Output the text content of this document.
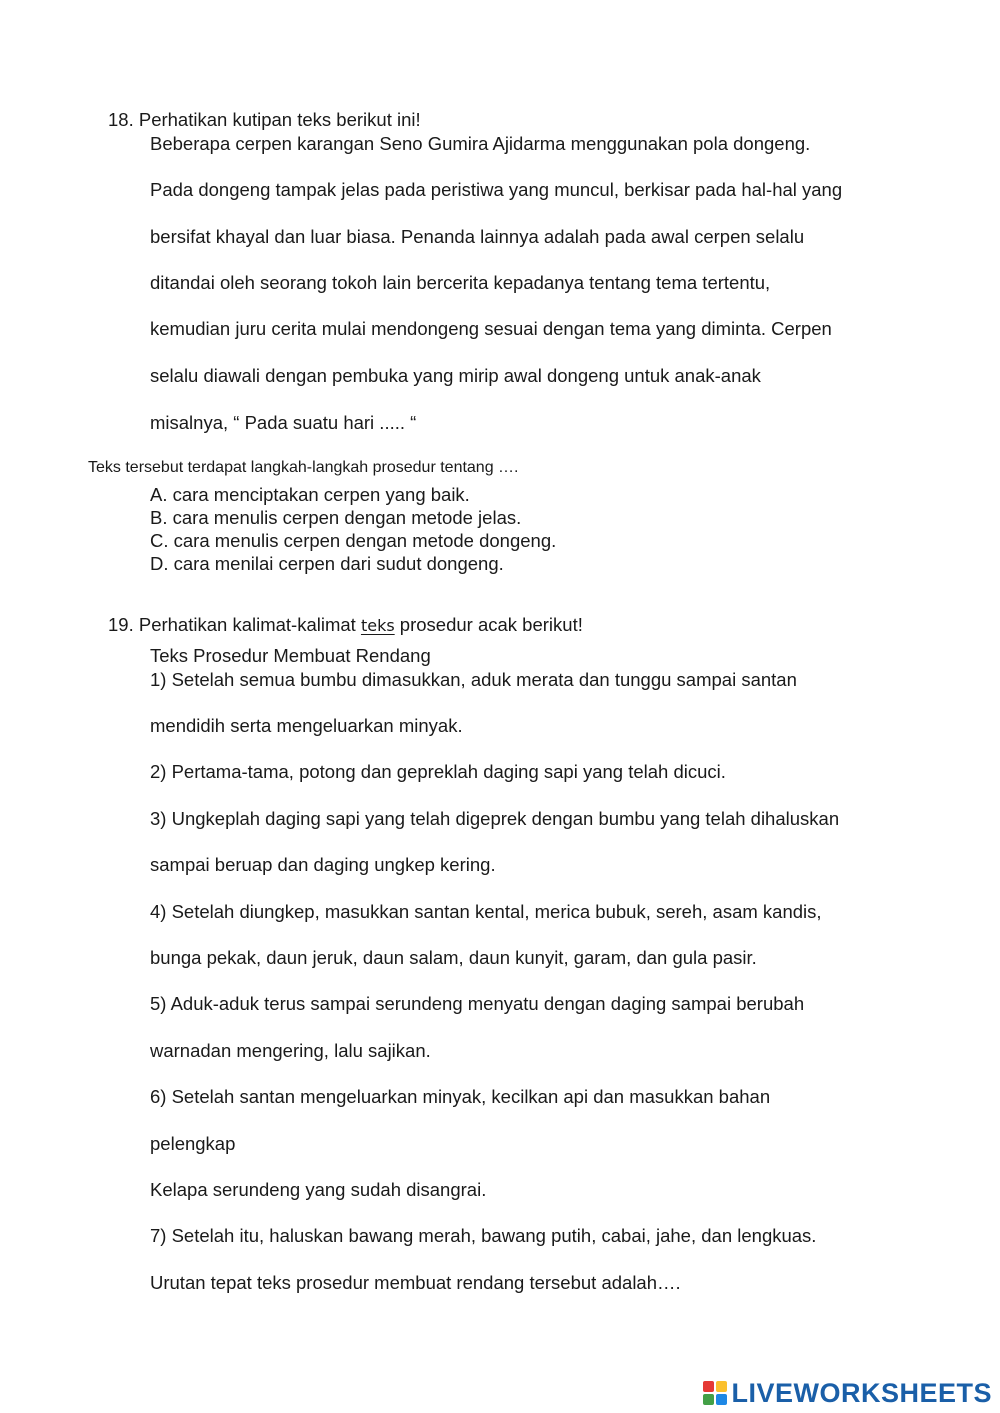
18. Perhatikan kutipan teks berikut ini!
Beberapa cerpen karangan Seno Gumira Ajidarma menggunakan pola dongeng.
Pada dongeng tampak jelas pada peristiwa yang muncul, berkisar pada hal-hal yang
bersifat khayal dan luar biasa. Penanda lainnya adalah pada awal cerpen selalu
ditandai oleh seorang tokoh lain bercerita kepadanya tentang tema tertentu,
kemudian juru cerita mulai mendongeng sesuai dengan tema yang diminta. Cerpen
selalu diawali dengan pembuka yang mirip awal dongeng untuk anak-anak
misalnya, “ Pada suatu hari ..... “
Teks tersebut terdapat langkah-langkah prosedur tentang ….
A. cara menciptakan cerpen yang baik.
B. cara menulis cerpen dengan metode jelas.
C. cara menulis cerpen dengan metode dongeng.
D. cara menilai cerpen dari sudut dongeng.
19. Perhatikan kalimat-kalimat teks prosedur acak berikut!
Teks Prosedur Membuat Rendang
1) Setelah semua bumbu dimasukkan, aduk merata dan tunggu sampai santan
mendidih serta mengeluarkan minyak.
2) Pertama-tama, potong dan gepreklah daging sapi yang telah dicuci.
3) Ungkeplah daging sapi yang telah digeprek dengan bumbu yang telah dihaluskan
sampai beruap dan daging ungkep kering.
4) Setelah diungkep, masukkan santan kental, merica bubuk, sereh, asam kandis,
bunga pekak, daun jeruk, daun salam, daun kunyit, garam, dan gula pasir.
5) Aduk-aduk terus sampai serundeng menyatu dengan daging sampai berubah
warnadan mengering, lalu sajikan.
6) Setelah santan mengeluarkan minyak, kecilkan api dan masukkan bahan
pelengkap
Kelapa serundeng yang sudah disangrai.
7) Setelah itu, haluskan bawang merah, bawang putih, cabai, jahe, dan lengkuas.
Urutan tepat teks prosedur membuat rendang tersebut adalah….
LIVEWORKSHEETS
